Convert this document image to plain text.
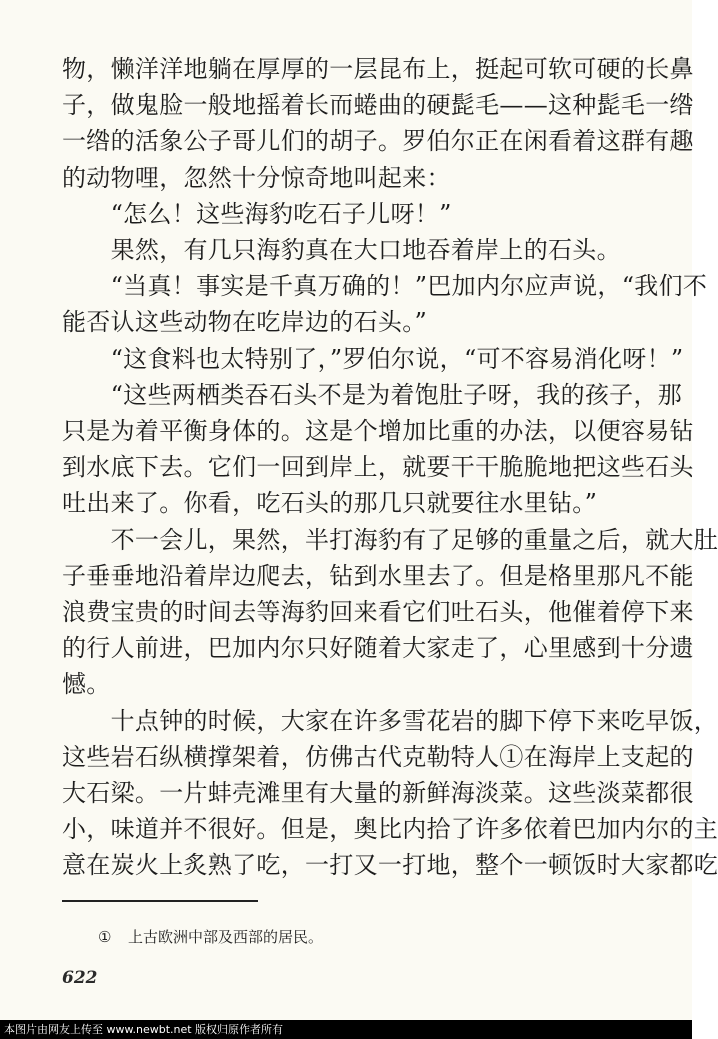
物，懒洋洋地躺在厚厚的一层昆布上，挺起可软可硬的长鼻
子，做鬼脸一般地摇着长而蜷曲的硬髭毛——这种髭毛一绺
一绺的活象公子哥儿们的胡子。罗伯尔正在闲看着这群有趣
的动物哩，忽然十分惊奇地叫起来：
　　“怎么！这些海豹吃石子儿呀！”
　　果然，有几只海豹真在大口地吞着岸上的石头。
　　“当真！事实是千真万确的！”巴加内尔应声说，“我们不
能否认这些动物在吃岸边的石头。”
　　“这食料也太特别了，”罗伯尔说，“可不容易消化呀！”
　　“这些两栖类吞石头不是为着饱肚子呀，我的孩子，那
只是为着平衡身体的。这是个增加比重的办法，以便容易钻
到水底下去。它们一回到岸上，就要干干脆脆地把这些石头
吐出来了。你看，吃石头的那几只就要往水里钻。”
　　不一会儿，果然，半打海豹有了足够的重量之后，就大肚
子垂垂地沿着岸边爬去，钻到水里去了。但是格里那凡不能
浪费宝贵的时间去等海豹回来看它们吐石头，他催着停下来
的行人前进，巴加内尔只好随着大家走了，心里感到十分遗
憾。
　　十点钟的时候，大家在许多雪花岩的脚下停下来吃早饭，
这些岩石纵横撑架着，仿佛古代克勒特人①在海岸上支起的
大石梁。一片蚌壳滩里有大量的新鲜海淡菜。这些淡菜都很
小，味道并不很好。但是，奥比内拾了许多依着巴加内尔的主
意在炭火上炙熟了吃，一打又一打地，整个一顿饭时大家都吃
① 上古欧洲中部及西部的居民。
622
本图片由网友上传至 www.newbt.net 版权归原作者所有
